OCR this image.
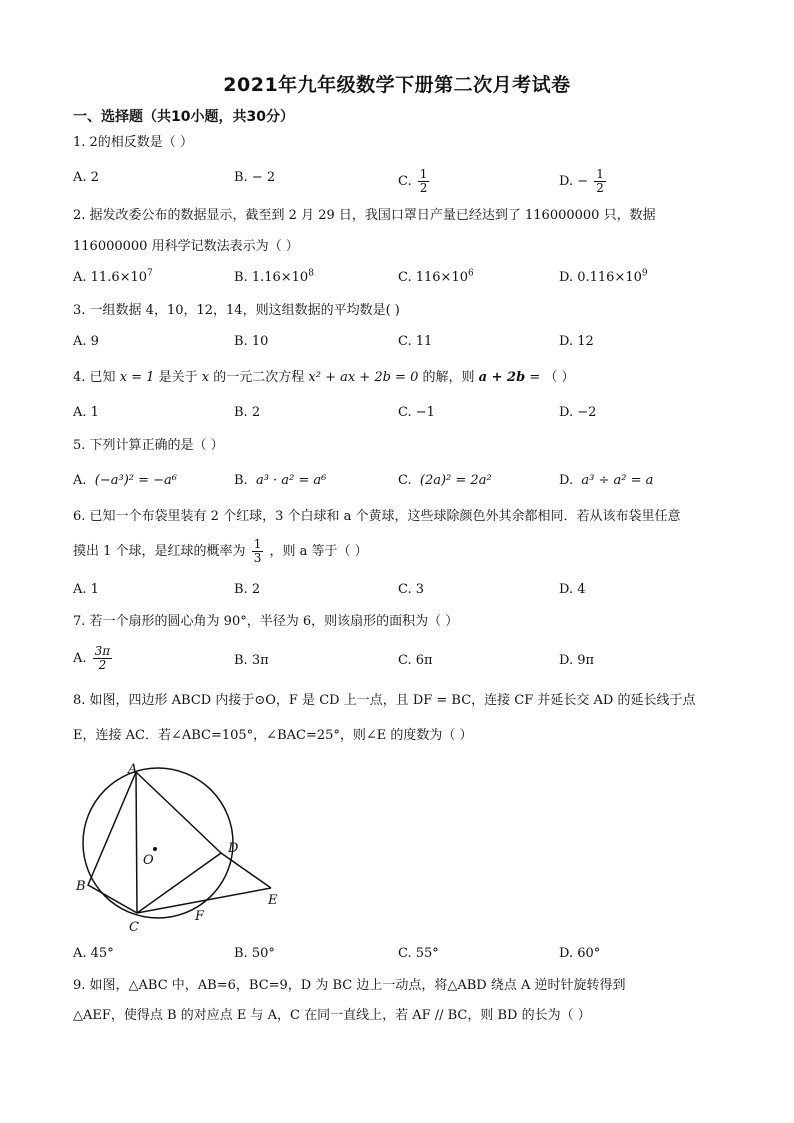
2021年九年级数学下册第二次月考试卷
一、选择题（共10小题，共30分）
1. 2的相反数是（ ）
A. 2	B. − 2	C. $\frac{1}{2}$	D. − $\frac{1}{2}$
2. 据发改委公布的数据显示，截至到 2 月 29 日，我国口罩日产量已经达到了 116000000 只，数据
116000000 用科学记数法表示为（ ）
A. $11.6\times 10^7$	B. $1.16\times 10^8$	C. $116\times 10^6$	D. $0.116\times 10^9$
3. 一组数据 4，10，12，14，则这组数据的平均数是( )
A. 9	B. 10	C. 11	D. 12
4. 已知 x = 1 是关于 x 的一元二次方程 x² + ax + 2b = 0 的解，则 a + 2b = （ ）
A. 1	B. 2	C. −1	D. −2
5. 下列计算正确的是（ ）
A. (−a³)² = −a⁶	B. a³ · a² = a⁶	C. (2a)² = 2a²	D. a³ ÷ a² = a
6. 已知一个布袋里装有 2 个红球，3 个白球和 a 个黄球，这些球除颜色外其余都相同．若从该布袋里任意
摸出 1 个球，是红球的概率为 $\frac{1}{3}$ ，则 a 等于（ ）
A. 1	B. 2	C. 3	D. 4
7. 若一个扇形的圆心角为 90°，半径为 6，则该扇形的面积为（ ）
A. $\frac{3\pi}{2}$	B. 3π	C. 6π	D. 9π
8. 如图，四边形 ABCD 内接于⊙O，F 是 CD 上一点，且 DF = BC，连接 CF 并延长交 AD 的延长线于点
E，连接 AC．若∠ABC=105°，∠BAC=25°，则∠E 的度数为（ ）
A
B
C
D
E
F
O
A. 45°	B. 50°	C. 55°	D. 60°
9. 如图，△ABC 中，AB=6，BC=9，D 为 BC 边上一动点，将△ABD 绕点 A 逆时针旋转得到
△AEF，使得点 B 的对应点 E 与 A，C 在同一直线上，若 AF // BC，则 BD 的长为（ ）
